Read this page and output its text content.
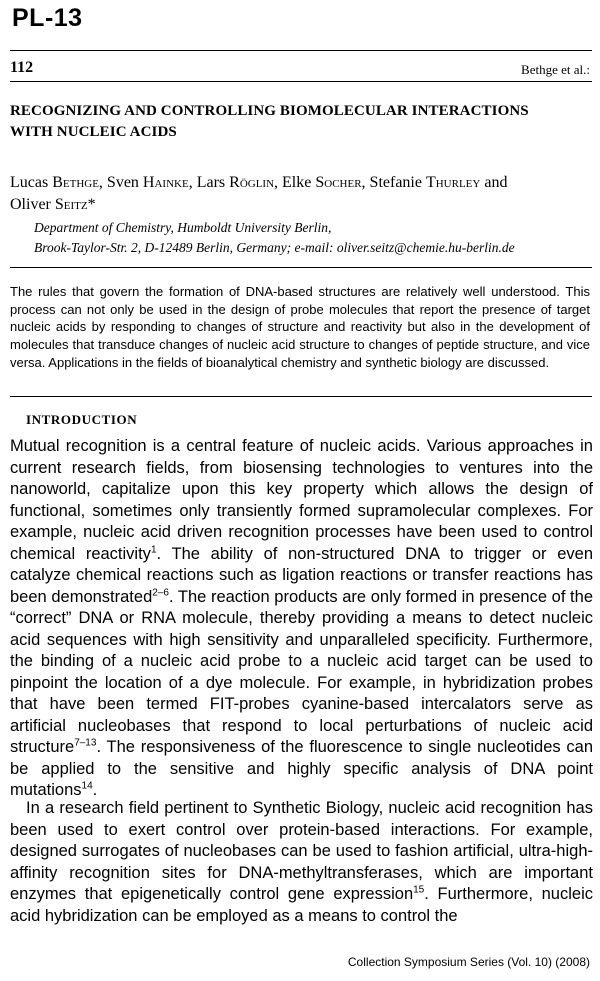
PL-13
112	Bethge et al.:
RECOGNIZING AND CONTROLLING BIOMOLECULAR INTERACTIONS
WITH NUCLEIC ACIDS
Lucas Bethge, Sven Hainke, Lars Röglin, Elke Socher, Stefanie Thurley and
Oliver Seitz*
Department of Chemistry, Humboldt University Berlin,
Brook-Taylor-Str. 2, D-12489 Berlin, Germany; e-mail: oliver.seitz@chemie.hu-berlin.de
The rules that govern the formation of DNA-based structures are relatively well understood. This process can not only be used in the design of probe molecules that report the presence of target nucleic acids by responding to changes of structure and reactivity but also in the development of molecules that transduce changes of nucleic acid structure to changes of peptide structure, and vice versa. Applications in the fields of bioanalytical chemistry and synthetic biology are discussed.
INTRODUCTION
Mutual recognition is a central feature of nucleic acids. Various approaches in current research fields, from biosensing technologies to ventures into the nanoworld, capitalize upon this key property which allows the design of functional, sometimes only transiently formed supramolecular complexes. For example, nucleic acid driven recognition processes have been used to control chemical reactivity$^1$. The ability of non-structured DNA to trigger or even catalyze chemical reactions such as ligation reactions or transfer reactions has been demonstrated$^{2-6}$. The reaction products are only formed in presence of the “correct” DNA or RNA molecule, thereby providing a means to detect nucleic acid sequences with high sensitivity and unparalleled specificity. Furthermore, the binding of a nucleic acid probe to a nucleic acid target can be used to pinpoint the location of a dye molecule. For example, in hybridization probes that have been termed FIT-probes cyanine-based intercalators serve as artificial nucleobases that respond to local perturbations of nucleic acid structure$^{7-13}$. The responsiveness of the fluorescence to single nucleotides can be applied to the sensitive and highly specific analysis of DNA point mutations$^{14}$.
In a research field pertinent to Synthetic Biology, nucleic acid recognition has been used to exert control over protein-based interactions. For example, designed surrogates of nucleobases can be used to fashion artificial, ultra-high-affinity recognition sites for DNA-methyltransferases, which are important enzymes that epigenetically control gene expression$^{15}$. Furthermore, nucleic acid hybridization can be employed as a means to control the
Collection Symposium Series (Vol. 10) (2008)
